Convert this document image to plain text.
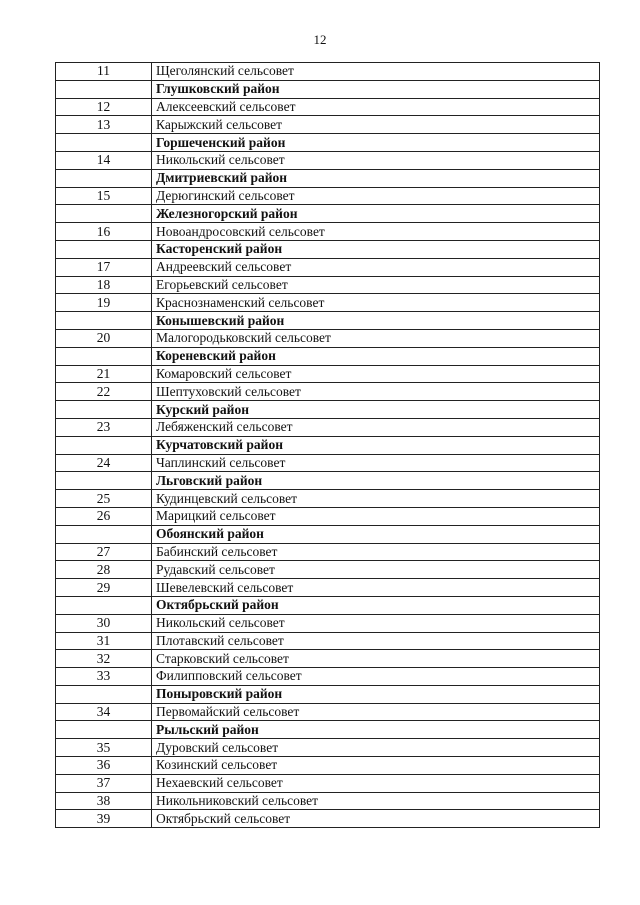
12
11	Щеголянский сельсовет
	Глушковский район
12	Алексеевский сельсовет
13	Карыжский сельсовет
	Горшеченский район
14	Никольский сельсовет
	Дмитриевский район
15	Дерюгинский сельсовет
	Железногорский район
16	Новоандросовский сельсовет
	Касторенский район
17	Андреевский сельсовет
18	Егорьевский сельсовет
19	Краснознаменский сельсовет
	Конышевский район
20	Малогородьковский сельсовет
	Кореневский район
21	Комаровский сельсовет
22	Шептуховский сельсовет
	Курский район
23	Лебяженский сельсовет
	Курчатовский район
24	Чаплинский сельсовет
	Льговский район
25	Кудинцевский сельсовет
26	Марицкий сельсовет
	Обоянский район
27	Бабинский сельсовет
28	Рудавский сельсовет
29	Шевелевский сельсовет
	Октябрьский район
30	Никольский сельсовет
31	Плотавский сельсовет
32	Старковский сельсовет
33	Филипповский сельсовет
	Поныровский район
34	Первомайский сельсовет
	Рыльский район
35	Дуровский сельсовет
36	Козинский сельсовет
37	Нехаевский сельсовет
38	Никольниковский сельсовет
39	Октябрьский сельсовет
